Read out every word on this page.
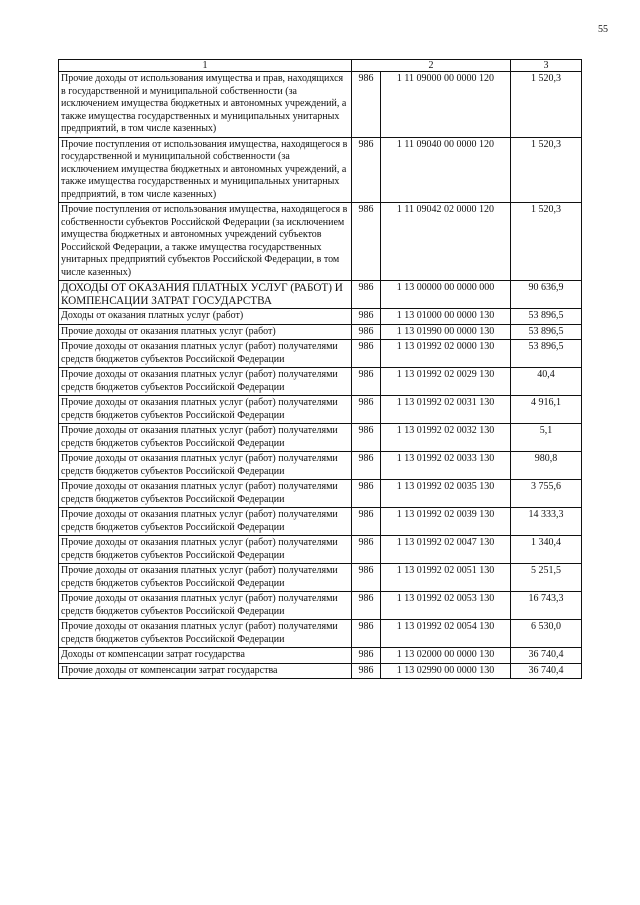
55
1	2		3
Прочие доходы от использования имущества и прав, находящихся в государственной и муниципальной собственности (за исключением имущества бюджетных и автономных учреждений, а также имущества государственных и муниципальных унитарных предприятий, в том числе казенных)	986	1 11 09000 00 0000 120	1 520,3
Прочие поступления от использования имущества, находящегося в государственной и муниципальной собственности (за исключением имущества бюджетных и автономных учреждений, а также имущества государственных и муниципальных унитарных предприятий, в том числе казенных)	986	1 11 09040 00 0000 120	1 520,3
Прочие поступления от использования имущества, находящегося в собственности субъектов Российской Федерации (за исключением имущества бюджетных и автономных учреждений субъектов Российской Федерации, а также имущества государственных унитарных предприятий субъектов Российской Федерации, в том числе казенных)	986	1 11 09042 02 0000 120	1 520,3
ДОХОДЫ ОТ ОКАЗАНИЯ ПЛАТНЫХ УСЛУГ (РАБОТ) И КОМПЕНСАЦИИ ЗАТРАТ ГОСУДАРСТВА	986	1 13 00000 00 0000 000	90 636,9
Доходы от оказания платных услуг (работ)	986	1 13 01000 00 0000 130	53 896,5
Прочие доходы от оказания платных услуг (работ)	986	1 13 01990 00 0000 130	53 896,5
Прочие доходы от оказания платных услуг (работ) получателями средств бюджетов субъектов Российской Федерации	986	1 13 01992 02 0000 130	53 896,5
Прочие доходы от оказания платных услуг (работ) получателями средств бюджетов субъектов Российской Федерации	986	1 13 01992 02 0029 130	40,4
Прочие доходы от оказания платных услуг (работ) получателями средств бюджетов субъектов Российской Федерации	986	1 13 01992 02 0031 130	4 916,1
Прочие доходы от оказания платных услуг (работ) получателями средств бюджетов субъектов Российской Федерации	986	1 13 01992 02 0032 130	5,1
Прочие доходы от оказания платных услуг (работ) получателями средств бюджетов субъектов Российской Федерации	986	1 13 01992 02 0033 130	980,8
Прочие доходы от оказания платных услуг (работ) получателями средств бюджетов субъектов Российской Федерации	986	1 13 01992 02 0035 130	3 755,6
Прочие доходы от оказания платных услуг (работ) получателями средств бюджетов субъектов Российской Федерации	986	1 13 01992 02 0039 130	14 333,3
Прочие доходы от оказания платных услуг (работ) получателями средств бюджетов субъектов Российской Федерации	986	1 13 01992 02 0047 130	1 340,4
Прочие доходы от оказания платных услуг (работ) получателями средств бюджетов субъектов Российской Федерации	986	1 13 01992 02 0051 130	5 251,5
Прочие доходы от оказания платных услуг (работ) получателями средств бюджетов субъектов Российской Федерации	986	1 13 01992 02 0053 130	16 743,3
Прочие доходы от оказания платных услуг (работ) получателями средств бюджетов субъектов Российской Федерации	986	1 13 01992 02 0054 130	6 530,0
Доходы от компенсации затрат государства	986	1 13 02000 00 0000 130	36 740,4
Прочие доходы от компенсации затрат государства	986	1 13 02990 00 0000 130	36 740,4
